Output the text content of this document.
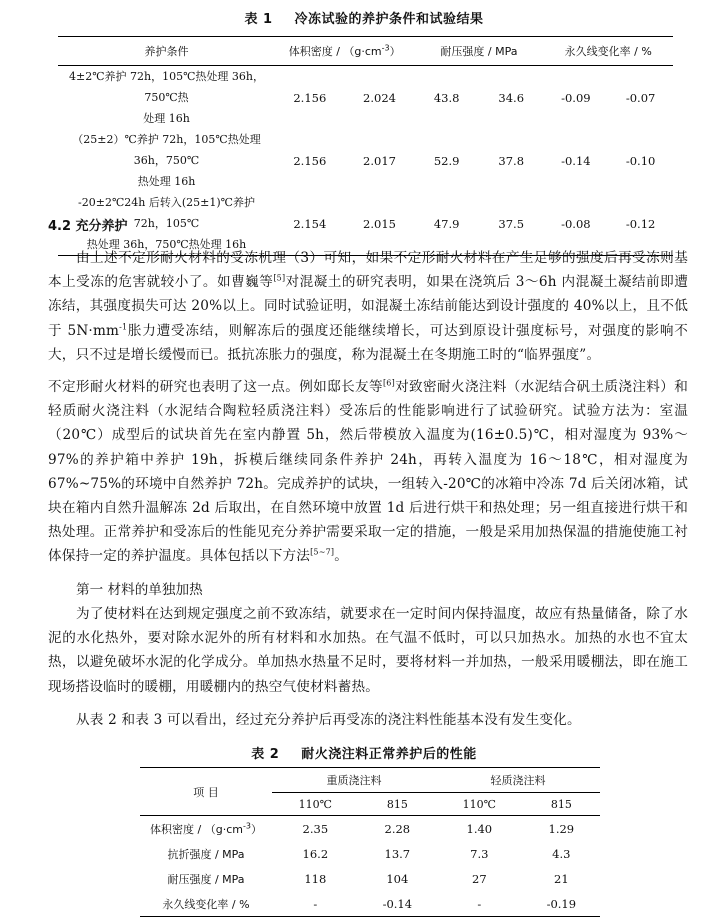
表 1 冷冻试验的养护条件和试验结果
养护条件	体积密度 / $(g\cdot cm^{-3})$		耐压强度 / MPa		永久线变化率 / %	

4±2℃养护 72h，105℃热处理 36h，750℃热
处理 16h	2.156	2.024	43.8	34.6	-0.09	-0.07

（25±2）℃养护 72h，105℃热处理 36h，750℃
热处理 16h	2.156	2.017	52.9	37.8	-0.14	-0.10

-20±2℃24h 后转入(25±1)℃养护 72h，105℃
热处理 36h，750℃热处理 16h	2.154	2.015	47.9	37.5	-0.08	-0.12
4.2 充分养护
由上述不定形耐火材料的受冻机理（3）可知，如果不定形耐火材料在产生足够的强度后再受冻则基本上受冻的危害就较小了。如曹巍等[5]对混凝土的研究表明，如果在浇筑后 3～6h 内混凝土凝结前即遭冻结，其强度损失可达 20%以上。同时试验证明，如混凝土冻结前能达到设计强度的 40%以上，且不低于 $5N\cdot mm^{-1}$胀力遭受冻结，则解冻后的强度还能继续增长，可达到原设计强度标号，对强度的影响不大，只不过是增长缓慢而已。抵抗冻胀力的强度，称为混凝土在冬期施工时的“临界强度”。
不定形耐火材料的研究也表明了这一点。例如邸长友等[6]对致密耐火浇注料（水泥结合矾土质浇注料）和轻质耐火浇注料（水泥结合陶粒轻质浇注料）受冻后的性能影响进行了试验研究。试验方法为：室温（20℃）成型后的试块首先在室内静置 5h，然后带模放入温度为(16±0.5)℃，相对湿度为 93%～97%的养护箱中养护 19h，拆模后继续同条件养护 24h，再转入温度为 16～18℃，相对湿度为 67%~75%的环境中自然养护 72h。完成养护的试块，一组转入-20℃的冰箱中冷冻 7d 后关闭冰箱，试块在箱内自然升温解冻 2d 后取出，在自然环境中放置 1d 后进行烘干和热处理；另一组直接进行烘干和热处理。正常养护和受冻后的性能见充分养护需要采取一定的措施，一般是采用加热保温的措施使施工衬体保持一定的养护温度。具体包括以下方法[5~7]。
第一 材料的单独加热
为了使材料在达到规定强度之前不致冻结，就要求在一定时间内保持温度，故应有热量储备，除了水泥的水化热外，要对除水泥外的所有材料和水加热。在气温不低时，可以只加热水。加热的水也不宜太热，以避免破坏水泥的化学成分。单加热水热量不足时，要将材料一并加热，一般采用暖棚法，即在施工现场搭设临时的暖棚，用暖棚内的热空气使材料蓄热。
从表 2 和表 3 可以看出，经过充分养护后再受冻的浇注料性能基本没有发生变化。
表 2 耐火浇注料正常养护后的性能
项 目	重质浇注料		轻质浇注料	
	110℃	815	110℃	815
体积密度 / $(g\cdot cm^{-3})$	2.35	2.28	1.40	1.29
抗折强度 / MPa	16.2	13.7	7.3	4.3
耐压强度 / MPa	118	104	27	21
永久线变化率 / %	-	-0.14	-	-0.19
